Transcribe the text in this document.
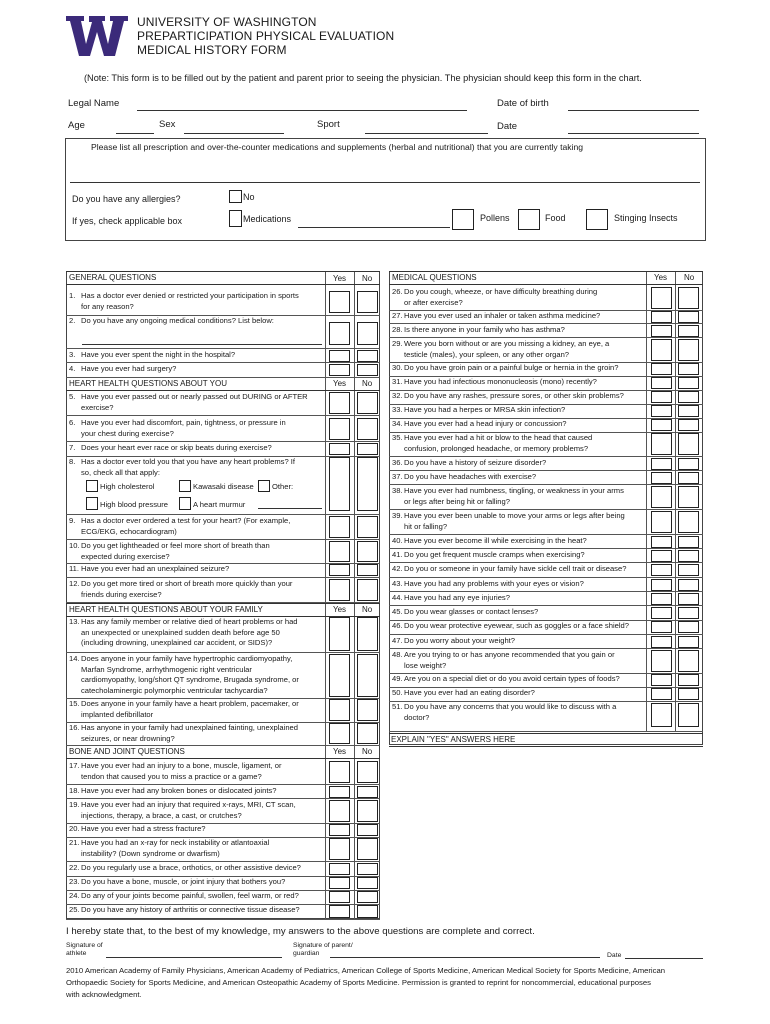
UNIVERSITY OF WASHINGTON
PREPARTICIPATION PHYSICAL EVALUATION
MEDICAL HISTORY FORM
(Note: This form is to be filled out by the patient and parent prior to seeing the physician. The physician should keep this form in the chart.
Legal Name	Date of birth
Age	Sex	Sport	Date
Please list all prescription and over-the-counter medications and supplements (herbal and nutritional) that you are currently taking
Do you have any allergies?	No
If yes, check applicable box	Medications	Pollens	Food	Stinging Insects
GENERAL QUESTIONS	Yes No
HEART HEALTH QUESTIONS ABOUT YOU	Yes No
HEART HEALTH QUESTIONS ABOUT YOUR FAMILY	Yes No
BONE AND JOINT QUESTIONS	Yes No
High cholesterol	Kawasaki disease Other:
High blood pressure	A heart murmur
1. Has a doctor ever denied or restricted your participation in sports
for any reason?
2. Do you have any ongoing medical conditions? List below:
3. Have you ever spent the night in the hospital?
4. Have you ever had surgery?
5. Have you ever passed out or nearly passed out DURING or AFTER
exercise?
6. Have you ever had discomfort, pain, tightness, or pressure in
your chest during exercise?
7. Does your heart ever race or skip beats during exercise?
8. Has a doctor ever told you that you have any heart problems? If
so, check all that apply:
9. Has a doctor ever ordered a test for your heart? (For example,
ECG/EKG, echocardiogram)
10.Do you get lightheaded or feel more short of breath than
expected during exercise?
11. Have you ever had an unexplained seizure?
12.Do you get more tired or short of breath more quickly than your
friends during exercise?
13.Has any family member or relative died of heart problems or had
an unexpected or unexplained sudden death before age 50
(including drowning, unexplained car accident, or SIDS)?
14.Does anyone in your family have hypertrophic cardiomyopathy,
Marfan Syndrome, arrhythmogenic right ventricular
cardiomyopathy, long/short QT syndrome, Brugada syndrome, or
catecholaminergic polymorphic ventricular tachycardia?
15.Does anyone in your family have a heart problem, pacemaker, or
implanted defibrillator
16.Has anyone in your family had unexplained fainting, unexplained
seizures, or near drowning?
17.Have you ever had an injury to a bone, muscle, ligament, or
tendon that caused you to miss a practice or a game?
18.Have you ever had any broken bones or dislocated joints?
19.Have you ever had an injury that required x-rays, MRI, CT scan,
injections, therapy, a brace, a cast, or crutches?
20.Have you ever had a stress fracture?
21.Have you had an x-ray for neck instability or atlantoaxial
instability? (Down syndrome or dwarfism)
22.Do you regularly use a brace, orthotics, or other assistive device?
23.Do you have a bone, muscle, or joint injury that bothers you?
24.Do any of your joints become painful, swollen, feel warm, or red?
25.Do you have any history of arthritis or connective tissue disease?
MEDICAL QUESTIONS	Yes No
EXPLAIN "YES" ANSWERS HERE
26.Do you cough, wheeze, or have difficulty breathing during
or after exercise?
27.Have you ever used an inhaler or taken asthma medicine?
28.Is there anyone in your family who has asthma?
29.Were you born without or are you missing a kidney, an eye, a
testicle (males), your spleen, or any other organ?
30.Do you have groin pain or a painful bulge or hernia in the groin?
31.Have you had infectious mononucleosis (mono) recently?
32.Do you have any rashes, pressure sores, or other skin problems?
33.Have you had a herpes or MRSA skin infection?
34.Have you ever had a head injury or concussion?
35.Have you ever had a hit or blow to the head that caused
confusion, prolonged headache, or memory problems?
36.Do you have a history of seizure disorder?
37.Do you have headaches with exercise?
38.Have you ever had numbness, tingling, or weakness in your arms
or legs after being hit or falling?
39.Have you ever been unable to move your arms or legs after being
hit or falling?
40.Have you ever become ill while exercising in the heat?
41.Do you get frequent muscle cramps when exercising?
42.Do you or someone in your family have sickle cell trait or disease?
43.Have you had any problems with your eyes or vision?
44.Have you had any eye injuries?
45.Do you wear glasses or contact lenses?
46.Do you wear protective eyewear, such as goggles or a face shield?
47.Do you worry about your weight?
48.Are you trying to or has anyone recommended that you gain or
lose weight?
49.Are you on a special diet or do you avoid certain types of foods?
50.Have you ever had an eating disorder?
51.Do you have any concerns that you would like to discuss with a
doctor?
I hereby state that, to the best of my knowledge, my answers to the above questions are complete and correct.
Signature of
athlete
Signature of parent/
guardian	Date
2010 American Academy of Family Physicians, American Academy of Pediatrics, American College of Sports Medicine, American Medical Society for Sports Medicine, American
Orthopaedic Society for Sports Medicine, and American Osteopathic Academy of Sports Medicine. Permission is granted to reprint for noncommercial, educational purposes
with acknowledgment.
